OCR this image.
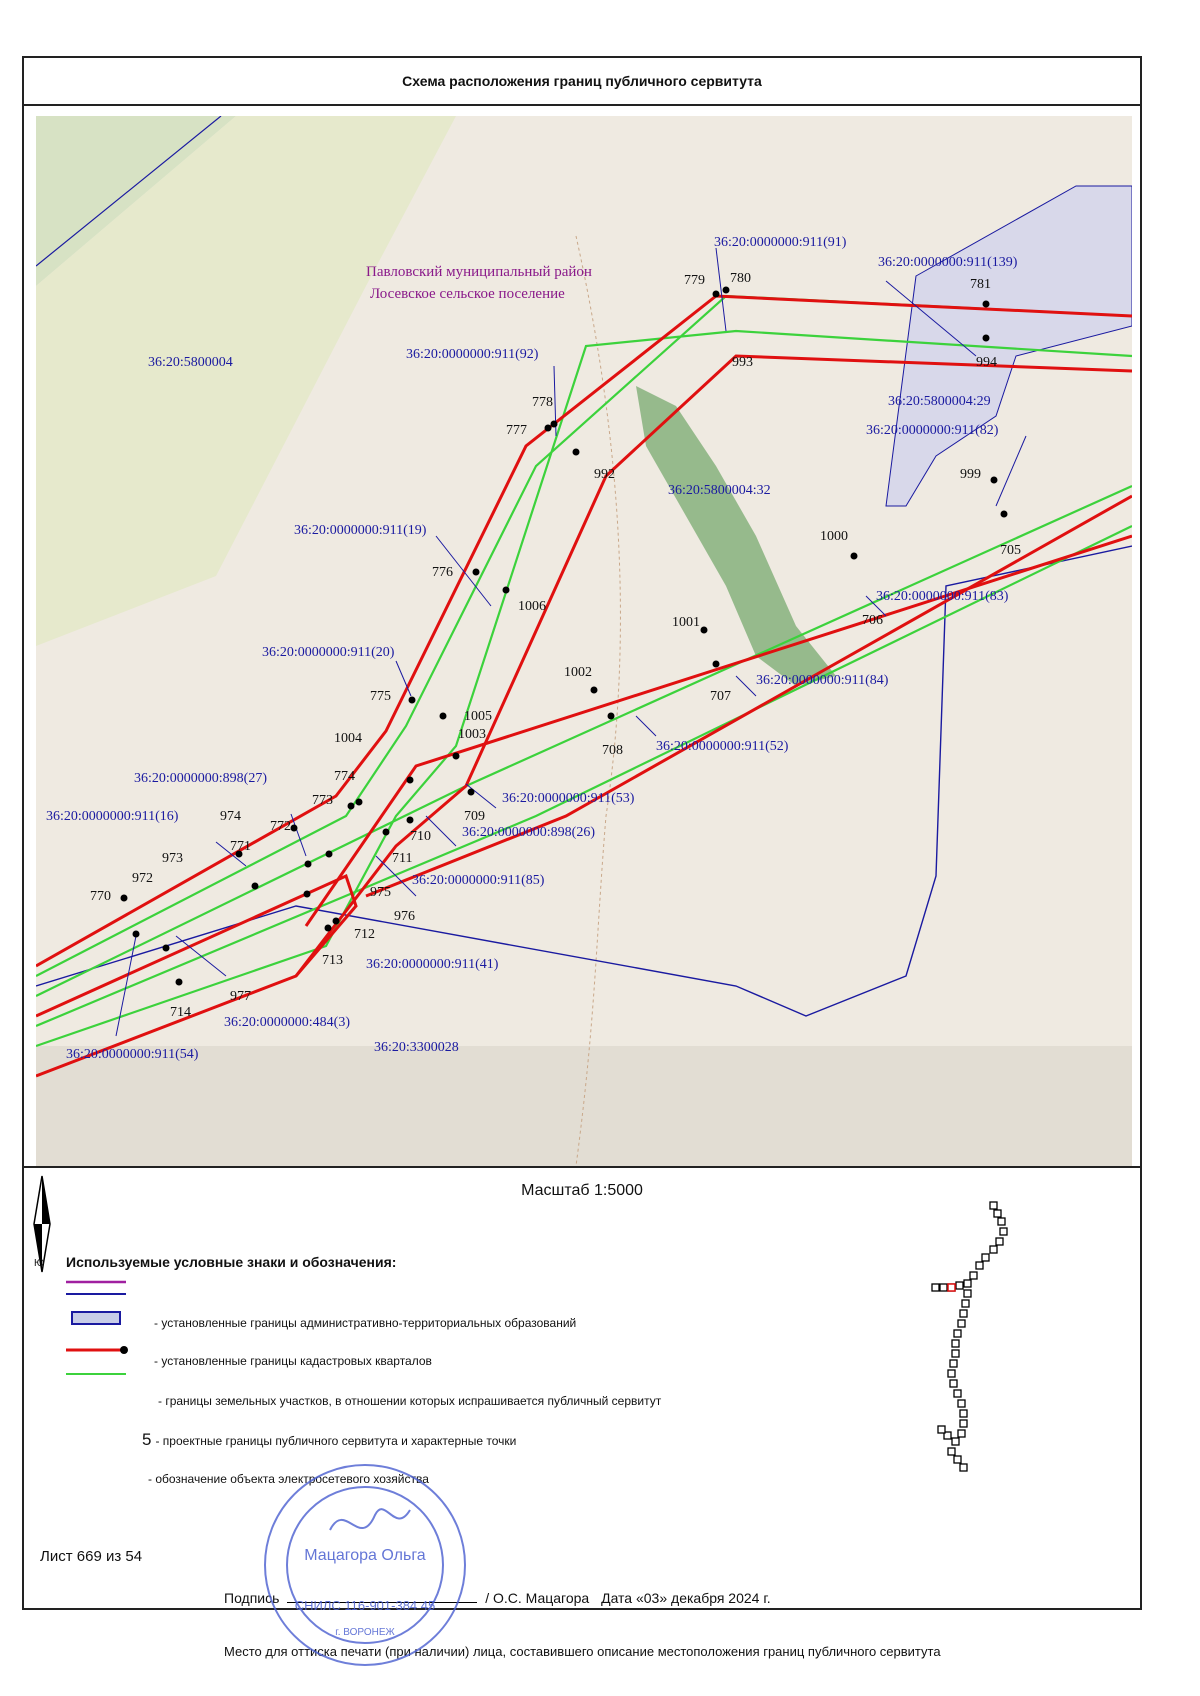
Схема расположения границ публичного сервитута
Павловский муниципальный район
Лосевское сельское поселение
36:20:5800004
36:20:3300028
36:20:0000000:911(91)
36:20:0000000:911(139)
36:20:0000000:911(92)
36:20:5800004:29
36:20:0000000:911(82)
36:20:5800004:32
36:20:0000000:911(19)
36:20:0000000:911(83)
36:20:0000000:911(20)
36:20:0000000:911(84)
36:20:0000000:911(52)
36:20:0000000:898(27)
36:20:0000000:911(53)
36:20:0000000:911(16)
36:20:0000000:898(26)
36:20:0000000:911(85)
36:20:0000000:911(41)
36:20:0000000:484(3)
36:20:0000000:911(54)
779 780	781
993	994
778
777
992	999
1000
705
776
1006
1001	706
1002
707
775
1005
1003
708
1004
774
773
709
974
772
710
771
711
973
972
975
770
976
712
713
977
714
Ю
Масштаб 1:5000
Используемые условные знаки и обозначения:
- установленные границы административно-территориальных образований
- установленные границы кадастровых кварталов
- границы земельных участков, в отношении которых испрашивается публичный сервитут
5 - проектные границы публичного сервитута и характерные точки
- обозначение объекта электросетевого хозяйства
Лист 669 из 54
Подпись	/ О.С. Мацагора Дата «03» декабря 2024 г.
Место для оттиска печати (при наличии) лица, составившего описание местоположения границ публичного сервитута
Мацагора Ольга
СНИЛС 116-901-384 45
г. ВОРОНЕЖ
